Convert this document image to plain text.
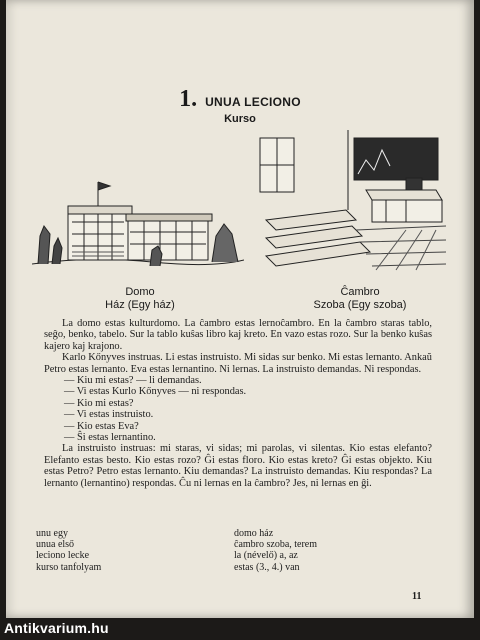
1. UNUA LECIONO
Kurso
Domo
Ház (Egy ház)
Ĉambro
Szoba (Egy szoba)

La domo estas kulturdomo. La ĉambro estas lernoĉambro. En la ĉambro staras tablo, seĝo, benko, tabelo. Sur la tablo kuŝas libro kaj kreto. En vazo estas rozo. Sur la benko kuŝas kajero kaj krajono.

Karlo Kőnyves instruas. Li estas instruisto. Mi sidas sur benko. Mi estas lernanto. Ankaŭ Petro estas lernanto. Eva estas lernantino. Ni lernas. La instruisto demandas. Ni respondas.

— Kiu mi estas? — li demandas.

— Vi estas Kurlo Kőnyves — ni respondas.

— Kio mi estas?

— Vi estas instruisto.

— Kio estas Eva?

— Ŝi estas lernantino.

La instruisto instruas: mi staras, vi sidas; mi parolas, vi silentas. Kio estas elefanto? Elefanto estas besto. Kio estas rozo? Ĝi estas floro. Kio estas kreto? Ĝi estas objekto. Kiu estas Petro? Petro estas lernanto. Kiu demandas? La instruisto demandas. Kiu respondas? La lernanto (lernantino) respondas. Ĉu ni lernas en la ĉambro? Jes, ni lernas en ĝi.

unu egy
unua első
leciono lecke
kurso tanfolyam
domo ház
ĉambro szoba, terem
la (névelő) a, az
estas (3., 4.) van
11
Antikvarium.hu
